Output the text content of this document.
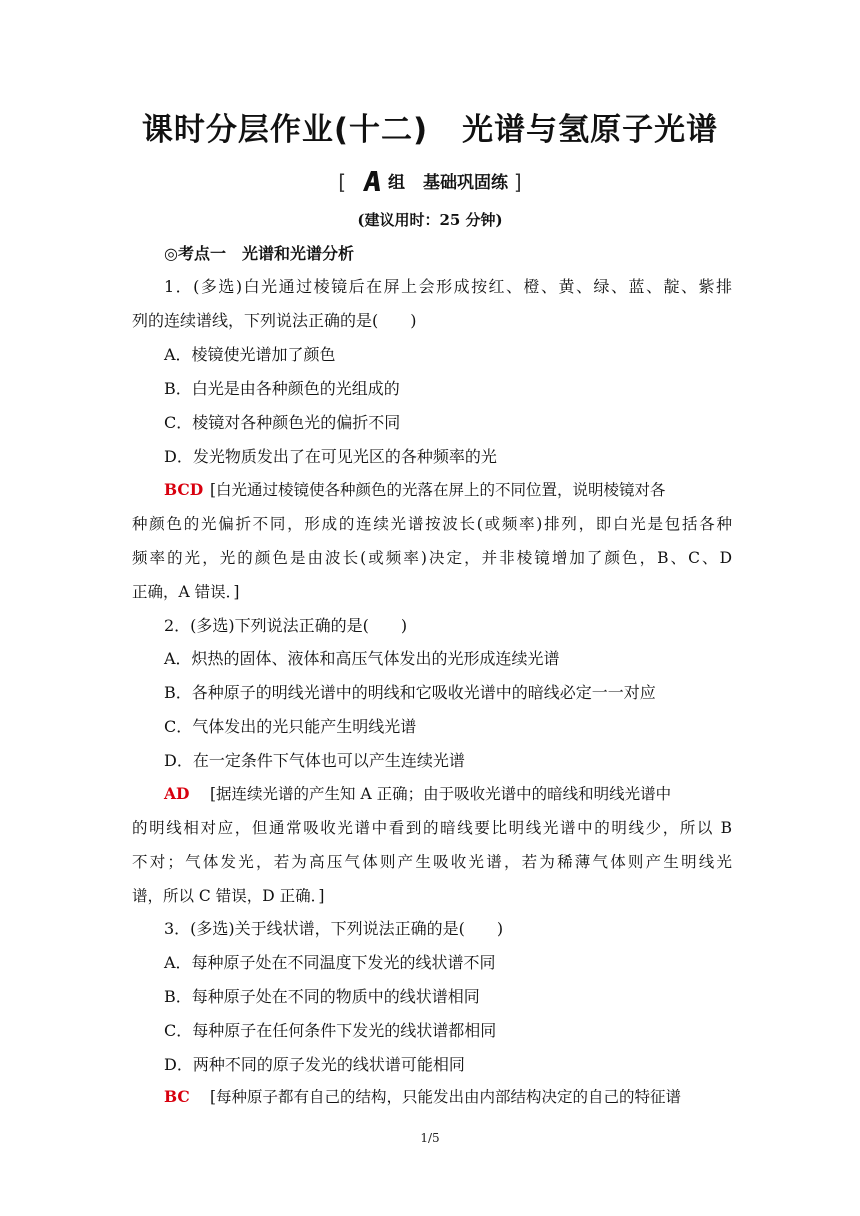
课时分层作业(十二) 光谱与氢原子光谱
[ 组 基础巩固练 ]
(建议用时：25 分钟)
◎考点一　光谱和光谱分析
1．(多选)白光通过棱镜后在屏上会形成按红、橙、黄、绿、蓝、靛、紫排
列的连续谱线，下列说法正确的是(　　)
A．棱镜使光谱加了颜色
B．白光是由各种颜色的光组成的
C．棱镜对各种颜色光的偏折不同
D．发光物质发出了在可见光区的各种频率的光
BCD [白光通过棱镜使各种颜色的光落在屏上的不同位置，说明棱镜对各
种颜色的光偏折不同，形成的连续光谱按波长(或频率)排列，即白光是包括各种
频率的光，光的颜色是由波长(或频率)决定，并非棱镜增加了颜色，B、C、D
正确，A 错误．]
2．(多选)下列说法正确的是(　　)
A．炽热的固体、液体和高压气体发出的光形成连续光谱
B．各种原子的明线光谱中的明线和它吸收光谱中的暗线必定一一对应
C．气体发出的光只能产生明线光谱
D．在一定条件下气体也可以产生连续光谱
AD [据连续光谱的产生知 A 正确；由于吸收光谱中的暗线和明线光谱中
的明线相对应，但通常吸收光谱中看到的暗线要比明线光谱中的明线少，所以 B
不对；气体发光，若为高压气体则产生吸收光谱，若为稀薄气体则产生明线光
谱，所以 C 错误，D 正确．]
3．(多选)关于线状谱，下列说法正确的是(　　)
A．每种原子处在不同温度下发光的线状谱不同
B．每种原子处在不同的物质中的线状谱相同
C．每种原子在任何条件下发光的线状谱都相同
D．两种不同的原子发光的线状谱可能相同
BC [每种原子都有自己的结构，只能发出由内部结构决定的自己的特征谱
1/5
